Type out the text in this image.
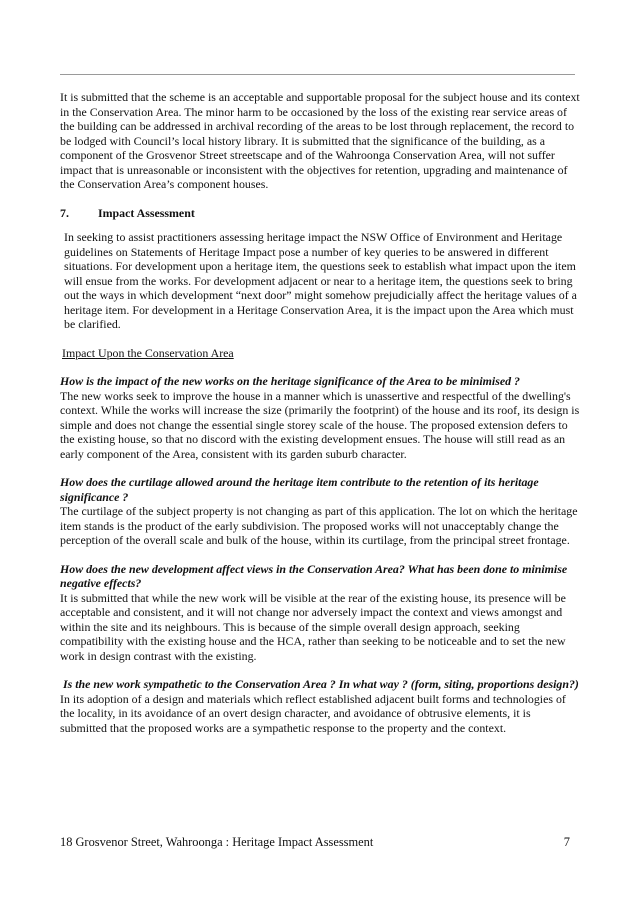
It is submitted that the scheme is an acceptable and supportable proposal for the subject house and its context in the Conservation Area. The minor harm to be occasioned by the loss of the existing rear service areas of the building can be addressed in archival recording of the areas to be lost through replacement, the record to be lodged with Council’s local history library. It is submitted that the significance of the building, as a component of the Grosvenor Street streetscape and of the Wahroonga Conservation Area, will not suffer impact that is unreasonable or inconsistent with the objectives for retention, upgrading and maintenance of the Conservation Area’s component houses.

7. Impact Assessment

In seeking to assist practitioners assessing heritage impact the NSW Office of Environment and Heritage guidelines on Statements of Heritage Impact pose a number of key queries to be answered in different situations. For development upon a heritage item, the questions seek to establish what impact upon the item will ensue from the works. For development adjacent or near to a heritage item, the questions seek to bring out the ways in which development “next door” might somehow prejudicially affect the heritage values of a heritage item. For development in a Heritage Conservation Area, it is the impact upon the Area which must be clarified.

Impact Upon the Conservation Area

How is the impact of the new works on the heritage significance of the Area to be minimised ?

The new works seek to improve the house in a manner which is unassertive and respectful of the dwelling's context. While the works will increase the size (primarily the footprint) of the house and its roof, its design is simple and does not change the essential single storey scale of the house. The proposed extension defers to the existing house, so that no discord with the existing development ensues. The house will still read as an early component of the Area, consistent with its garden suburb character.

How does the curtilage allowed around the heritage item contribute to the retention of its heritage significance ?

The curtilage of the subject property is not changing as part of this application. The lot on which the heritage item stands is the product of the early subdivision. The proposed works will not unacceptably change the perception of the overall scale and bulk of the house, within its curtilage, from the principal street frontage.

How does the new development affect views in the Conservation Area? What has been done to minimise negative effects?

It is submitted that while the new work will be visible at the rear of the existing house, its presence will be acceptable and consistent, and it will not change nor adversely impact the context and views amongst and within the site and its neighbours. This is because of the simple overall design approach, seeking compatibility with the existing house and the HCA, rather than seeking to be noticeable and to set the new work in design contrast with the existing.

Is the new work sympathetic to the Conservation Area ? In what way ? (form, siting, proportions design?)

In its adoption of a design and materials which reflect established adjacent built forms and technologies of the locality, in its avoidance of an overt design character, and avoidance of obtrusive elements, it is submitted that the proposed works are a sympathetic response to the property and the context.

18 Grosvenor Street, Wahroonga : Heritage Impact Assessment	7
